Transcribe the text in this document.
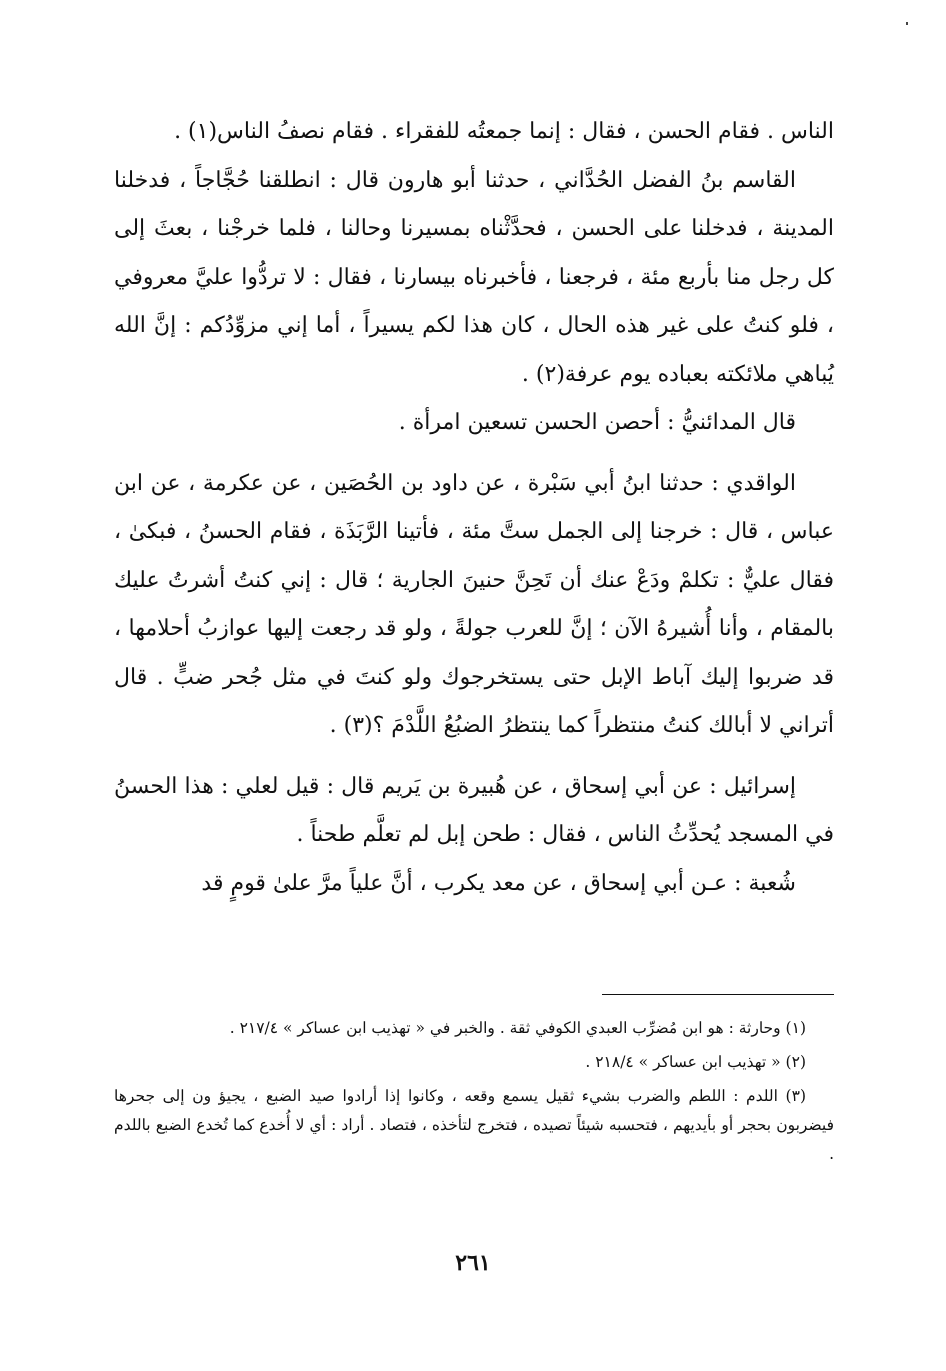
الناس . فقام الحسن ، فقال : إنما جمعتُه للفقراء . فقام نصفُ الناس(١) .

القاسم بنُ الفضل الحُدَّاني ، حدثنا أبو هارون قال : انطلقنا حُجَّاجاً ، فدخلنا المدينة ، فدخلنا على الحسن ، فحدَّثْناه بمسيرنا وحالنا ، فلما خرجْنا ، بعثَ إلى كل رجل منا بأربع مئة ، فرجعنا ، فأخبرناه بيسارنا ، فقال : لا تردُّوا عليَّ معروفي ، فلو كنتُ على غير هذه الحال ، كان هذا لكم يسيراً ، أما إني مزوِّدُكم : إنَّ الله يُباهي ملائكته بعباده يوم عرفة(٢) .

قال المدائنيُّ : أحصن الحسن تسعين امرأة .

الواقدي : حدثنا ابنُ أبي سَبْرة ، عن داود بن الحُصَين ، عن عكرمة ، عن ابن عباس ، قال : خرجنا إلى الجمل ستَّ مئة ، فأتينا الرَّبَذَة ، فقام الحسنُ ، فبكىٰ ، فقال عليٌّ : تكلمْ ودَعْ عنك أن تَحِنَّ حنينَ الجارية ؛ قال : إني كنتُ أشرتُ عليك بالمقام ، وأنا أُشيرهُ الآن ؛ إنَّ للعرب جولةً ، ولو قد رجعت إليها عوازبُ أحلامها ، قد ضربوا إليك آباط الإبل حتى يستخرجوك ولو كنتَ في مثل جُحر ضبٍّ . قال أتراني لا أبالك كنتُ منتظراً كما ينتظرُ الضبُعُ اللَّدْمَ ؟(٣) .

إسرائيل : عن أبي إسحاق ، عن هُبيرة بن يَريم قال : قيل لعلي : هذا الحسنُ في المسجد يُحدِّثُ الناس ، فقال : طحن إبل لم تعلَّم طحناً .

شُعبة : عـن أبي إسحاق ، عن معد يكرب ، أنَّ علياً مرَّ علىٰ قومٍ قد

(١) وحارثة : هو ابن مُضرِّب العبدي الكوفي ثقة . والخبر في « تهذيب ابن عساكر » ٢١٧/٤ .

(٢) « تهذيب ابن عساكر » ٢١٨/٤ .

(٣) اللدم : اللطم والضرب بشيء ثقيل يسمع وقعه ، وكانوا إذا أرادوا صيد الضبع ، يجيؤ ون إلى جحرها فيضربون بحجر أو بأيديهم ، فتحسبه شيئاً تصيده ، فتخرج لتأخذه ، فتصاد . أراد : أي لا أُخدع كما تُخدع الضبع باللدم .

٢٦١
